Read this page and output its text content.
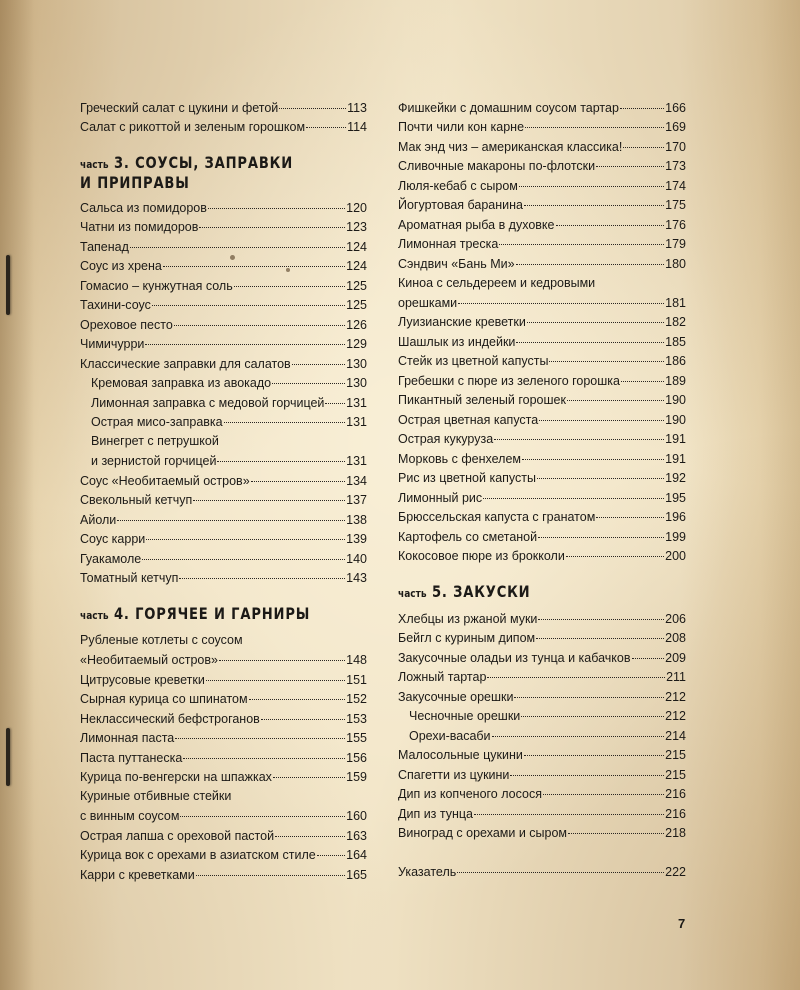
Греческий салат с цукини и фетой	113
Салат с рикоттой и зеленым горошком	114
часть 3. СОУСЫ, ЗАПРАВКИ
И ПРИПРАВЫ
Сальса из помидоров	120
Чатни из помидоров	123
Тапенад	124
Соус из хрена	124
Гомасио – кунжутная соль	125
Тахини-соус	125
Ореховое песто	126
Чимичурри	129
Классические заправки для салатов	130
Кремовая заправка из авокадо	130
Лимонная заправка с медовой горчицей 131
Острая мисо-заправка	131
Винегрет с петрушкой
и зернистой горчицей	131
Соус «Необитаемый остров»	134
Свекольный кетчуп	137
Айоли	138
Соус карри	139
Гуакамоле	140
Томатный кетчуп	143
часть 4. ГОРЯЧЕЕ И ГАРНИРЫ
Рубленые котлеты с соусом
«Необитаемый остров»	148
Цитрусовые креветки	151
Сырная курица со шпинатом	152
Неклассический бефстроганов	153
Лимонная паста	155
Паста путтанеска	156
Курица по-венгерски на шпажках	159
Куриные отбивные стейки
с винным соусом	160
Острая лапша с ореховой пастой	163
Курица вок с орехами в азиатском стиле 164
Карри с креветками	165
Фишкейки с домашним соусом тартар	166
Почти чили кон карне	169
Мак энд чиз – американская классика!	170
Сливочные макароны по-флотски	173
Люля-кебаб с сыром	174
Йогуртовая баранина	175
Ароматная рыба в духовке	176
Лимонная треска	179
Сэндвич «Бань Ми»	180
Киноа с сельдереем и кедровыми
орешками	181
Луизианские креветки	182
Шашлык из индейки	185
Стейк из цветной капусты	186
Гребешки с пюре из зеленого горошка	189
Пикантный зеленый горошек	190
Острая цветная капуста	190
Острая кукуруза	191
Морковь с фенхелем	191
Рис из цветной капусты	192
Лимонный рис	195
Брюссельская капуста с гранатом	196
Картофель со сметаной	199
Кокосовое пюре из брокколи	200
часть 5. ЗАКУСКИ
Хлебцы из ржаной муки	206
Бейгл с куриным дипом	208
Закусочные оладьи из тунца и кабачков	209
Ложный тартар	211
Закусочные орешки	212
Чесночные орешки	212
Орехи-васаби	214
Малосольные цукини	215
Спагетти из цукини	215
Дип из копченого лосося	216
Дип из тунца	216
Виноград с орехами и сыром	218
Указатель	222
7
